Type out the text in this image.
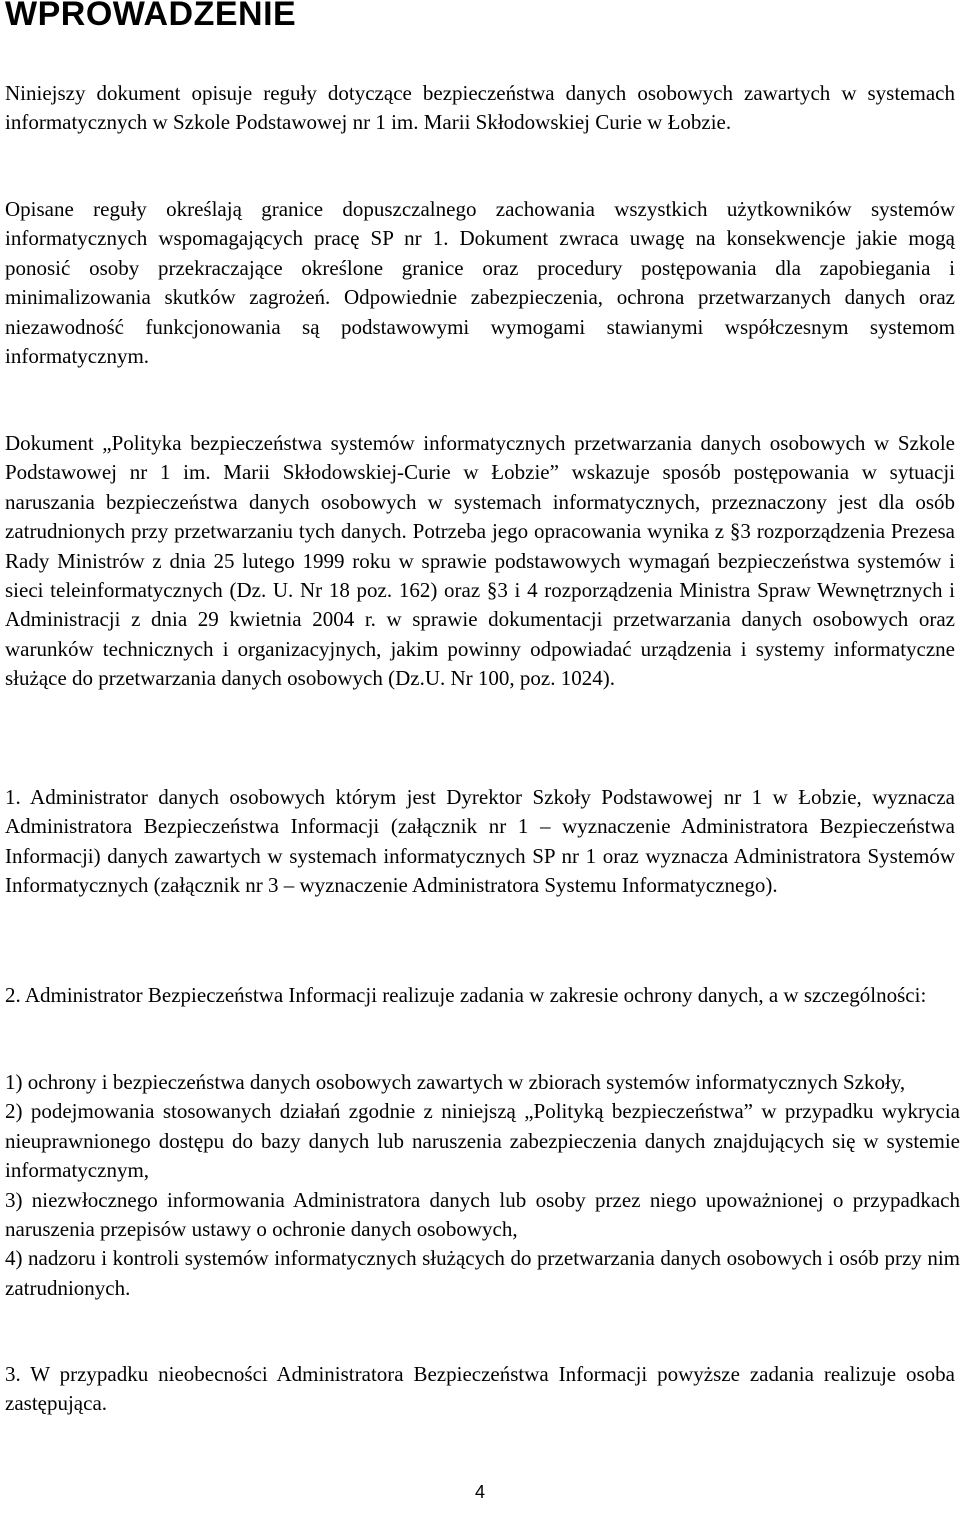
WPROWADZENIE

Niniejszy dokument opisuje reguły dotyczące bezpieczeństwa danych osobowych zawartych w systemach informatycznych w Szkole Podstawowej nr 1 im. Marii Skłodowskiej Curie w Łobzie.

Opisane reguły określają granice dopuszczalnego zachowania wszystkich użytkowników systemów informatycznych wspomagających pracę SP nr 1. Dokument zwraca uwagę na konsekwencje jakie mogą ponosić osoby przekraczające określone granice oraz procedury postępowania dla zapobiegania i minimalizowania skutków zagrożeń. Odpowiednie zabezpieczenia, ochrona przetwarzanych danych oraz niezawodność funkcjonowania są podstawowymi wymogami stawianymi współczesnym systemom informatycznym.

Dokument „Polityka bezpieczeństwa systemów informatycznych przetwarzania danych osobowych w Szkole Podstawowej nr 1 im. Marii Skłodowskiej-Curie w Łobzie” wskazuje sposób postępowania w sytuacji naruszania bezpieczeństwa danych osobowych w systemach informatycznych, przeznaczony jest dla osób zatrudnionych przy przetwarzaniu tych danych. Potrzeba jego opracowania wynika z §3 rozporządzenia Prezesa Rady Ministrów z dnia 25 lutego 1999 roku w sprawie podstawowych wymagań bezpieczeństwa systemów i sieci teleinformatycznych (Dz. U. Nr 18 poz. 162) oraz §3 i 4 rozporządzenia Ministra Spraw Wewnętrznych i Administracji z dnia 29 kwietnia 2004 r. w sprawie dokumentacji przetwarzania danych osobowych oraz warunków technicznych i organizacyjnych, jakim powinny odpowiadać urządzenia i systemy informatyczne służące do przetwarzania danych osobowych (Dz.U. Nr 100, poz. 1024).

1. Administrator danych osobowych którym jest Dyrektor Szkoły Podstawowej nr 1 w Łobzie, wyznacza Administratora Bezpieczeństwa Informacji (załącznik nr 1 – wyznaczenie Administratora Bezpieczeństwa Informacji) danych zawartych w systemach informatycznych SP nr 1 oraz wyznacza Administratora Systemów Informatycznych (załącznik nr 3 – wyznaczenie Administratora Systemu Informatycznego).

2. Administrator Bezpieczeństwa Informacji realizuje zadania w zakresie ochrony danych, a w szczególności:

1) ochrony i bezpieczeństwa danych osobowych zawartych w zbiorach systemów informatycznych Szkoły,
2) podejmowania stosowanych działań zgodnie z niniejszą „Polityką bezpieczeństwa” w przypadku wykrycia nieuprawnionego dostępu do bazy danych lub naruszenia zabezpieczenia danych znajdujących się w systemie informatycznym,
3) niezwłocznego informowania Administratora danych lub osoby przez niego upoważnionej o przypadkach naruszenia przepisów ustawy o ochronie danych osobowych,
4) nadzoru i kontroli systemów informatycznych służących do przetwarzania danych osobowych i osób przy nim zatrudnionych.

3. W przypadku nieobecności Administratora Bezpieczeństwa Informacji powyższe zadania realizuje osoba zastępująca.

4
